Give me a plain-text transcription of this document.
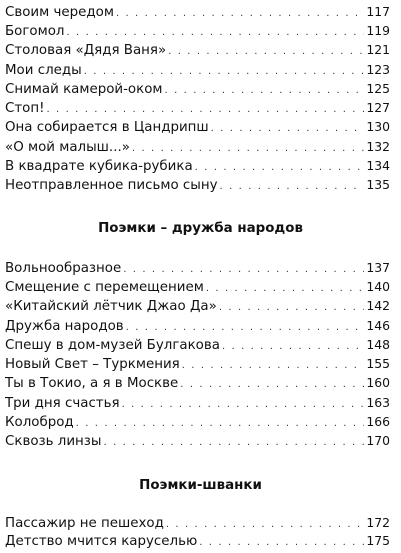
Своим чередом . . .	117
Богомол . . .	119
Столовая «Дядя Ваня» . . .	121
Мои следы . . .	123
Снимай камерой-оком . . .	125
Стоп! . . .	127
Она собирается в Цандрипш . . .	130
«О мой малыш...» . . .	132
В квадрате кубика-рубика . . .	134
Неотправленное письмо сыну . . .	135
Поэмки – дружба народов
Вольнообразное . . .	137
Смещение с перемещением . . .	140
«Китайский лётчик Джао Да» . . .	142
Дружба народов . . .	146
Спешу в дом-музей Булгакова . . .	148
Новый Свет – Туркмения . . .	155
Ты в Токио, а я в Москве . . .	160
Три дня счастья . . .	163
Колоброд . . .	166
Сквозь линзы . . .	170
Поэмки-шванки
Пассажир не пешеход . . .	172
Детство мчится каруселью . . .	175
